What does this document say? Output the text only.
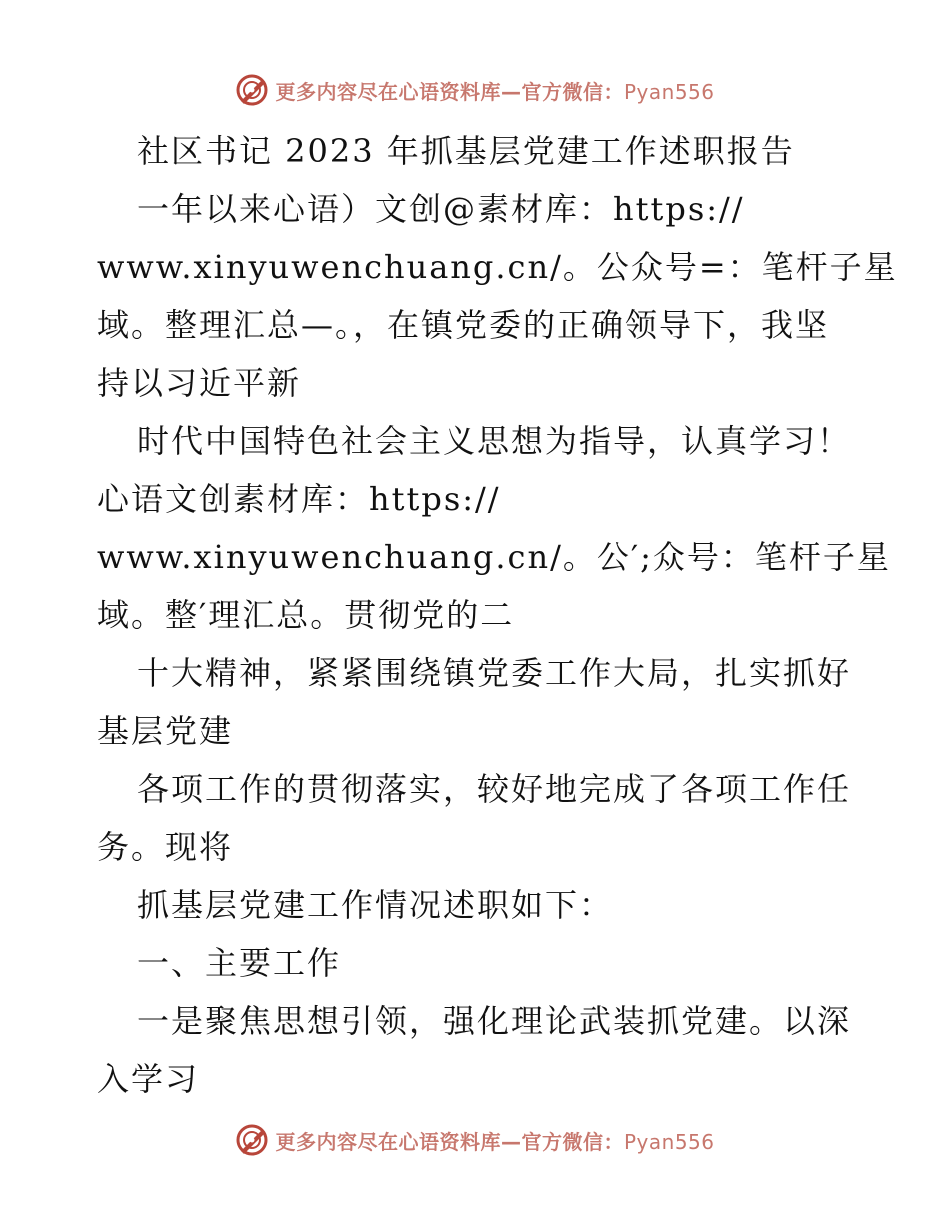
更多内容尽在心语资料库—官方微信：Pyan556
社区书记 2023 年抓基层党建工作述职报告
一年以来心语）文创@素材库：https://
www.xinyuwenchuang.cn/。公众号=：笔杆子星
域。整理汇总—。，在镇党委的正确领导下，我坚
持以习近平新
时代中国特色社会主义思想为指导，认真学习！
心语文创素材库：https://
www.xinyuwenchuang.cn/。公′;众号：笔杆子星
域。整′理汇总。贯彻党的二
十大精神，紧紧围绕镇党委工作大局，扎实抓好
基层党建
各项工作的贯彻落实，较好地完成了各项工作任
务。现将
抓基层党建工作情况述职如下：
一、主要工作
一是聚焦思想引领，强化理论武装抓党建。以深
入学习
更多内容尽在心语资料库—官方微信：Pyan556
